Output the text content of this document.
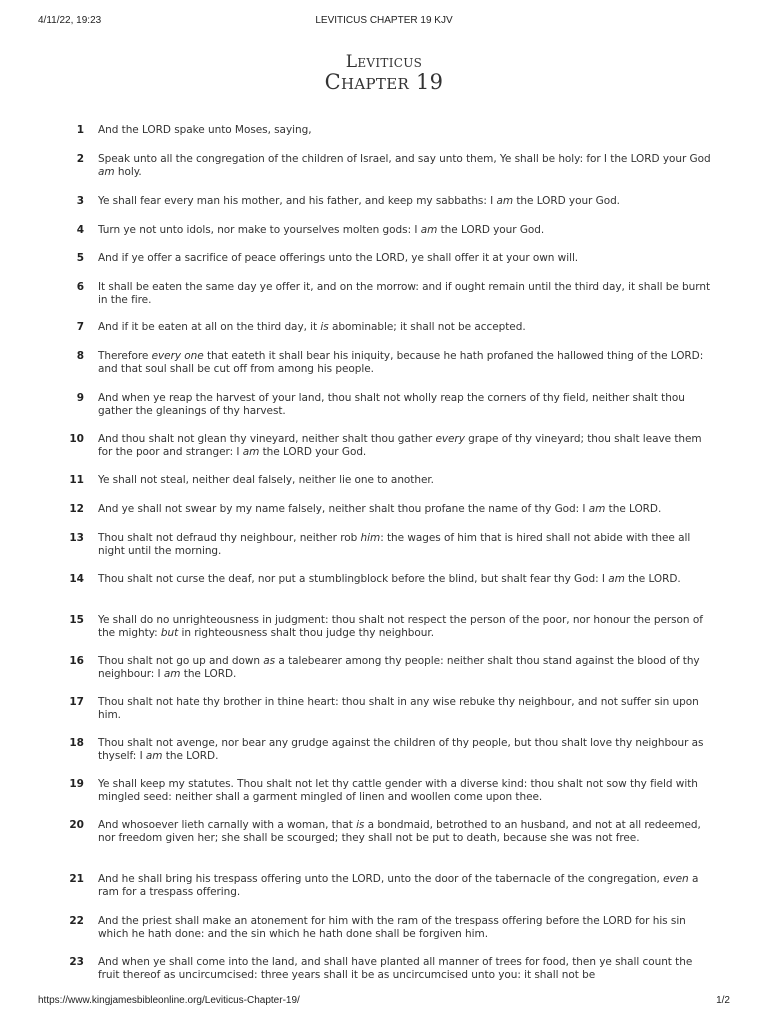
4/11/22, 19:23	LEVITICUS CHAPTER 19 KJV
Leviticus
Chapter 19
1 And the LORD spake unto Moses, saying,
2 Speak unto all the congregation of the children of Israel, and say unto them, Ye shall be holy: for I the LORD your God am holy.
3 Ye shall fear every man his mother, and his father, and keep my sabbaths: I am the LORD your God.
4 Turn ye not unto idols, nor make to yourselves molten gods: I am the LORD your God.
5 And if ye offer a sacrifice of peace offerings unto the LORD, ye shall offer it at your own will.
6 It shall be eaten the same day ye offer it, and on the morrow: and if ought remain until the third day, it shall be burnt in the fire.
7 And if it be eaten at all on the third day, it is abominable; it shall not be accepted.
8 Therefore every one that eateth it shall bear his iniquity, because he hath profaned the hallowed thing of the LORD: and that soul shall be cut off from among his people.
9 And when ye reap the harvest of your land, thou shalt not wholly reap the corners of thy field, neither shalt thou gather the gleanings of thy harvest.
10 And thou shalt not glean thy vineyard, neither shalt thou gather every grape of thy vineyard; thou shalt leave them for the poor and stranger: I am the LORD your God.
11 Ye shall not steal, neither deal falsely, neither lie one to another.
12 And ye shall not swear by my name falsely, neither shalt thou profane the name of thy God: I am the LORD.
13 Thou shalt not defraud thy neighbour, neither rob him: the wages of him that is hired shall not abide with thee all night until the morning.
14 Thou shalt not curse the deaf, nor put a stumblingblock before the blind, but shalt fear thy God: I am the LORD.
15 Ye shall do no unrighteousness in judgment: thou shalt not respect the person of the poor, nor honour the person of the mighty: but in righteousness shalt thou judge thy neighbour.
16 Thou shalt not go up and down as a talebearer among thy people: neither shalt thou stand against the blood of thy neighbour: I am the LORD.
17 Thou shalt not hate thy brother in thine heart: thou shalt in any wise rebuke thy neighbour, and not suffer sin upon him.
18 Thou shalt not avenge, nor bear any grudge against the children of thy people, but thou shalt love thy neighbour as thyself: I am the LORD.
19 Ye shall keep my statutes. Thou shalt not let thy cattle gender with a diverse kind: thou shalt not sow thy field with mingled seed: neither shall a garment mingled of linen and woollen come upon thee.
20 And whosoever lieth carnally with a woman, that is a bondmaid, betrothed to an husband, and not at all redeemed, nor freedom given her; she shall be scourged; they shall not be put to death, because she was not free.
21 And he shall bring his trespass offering unto the LORD, unto the door of the tabernacle of the congregation, even a ram for a trespass offering.
22 And the priest shall make an atonement for him with the ram of the trespass offering before the LORD for his sin which he hath done: and the sin which he hath done shall be forgiven him.
23 And when ye shall come into the land, and shall have planted all manner of trees for food, then ye shall count the fruit thereof as uncircumcised: three years shall it be as uncircumcised unto you: it shall not be
https://www.kingjamesbibleonline.org/Leviticus-Chapter-19/	1/2
